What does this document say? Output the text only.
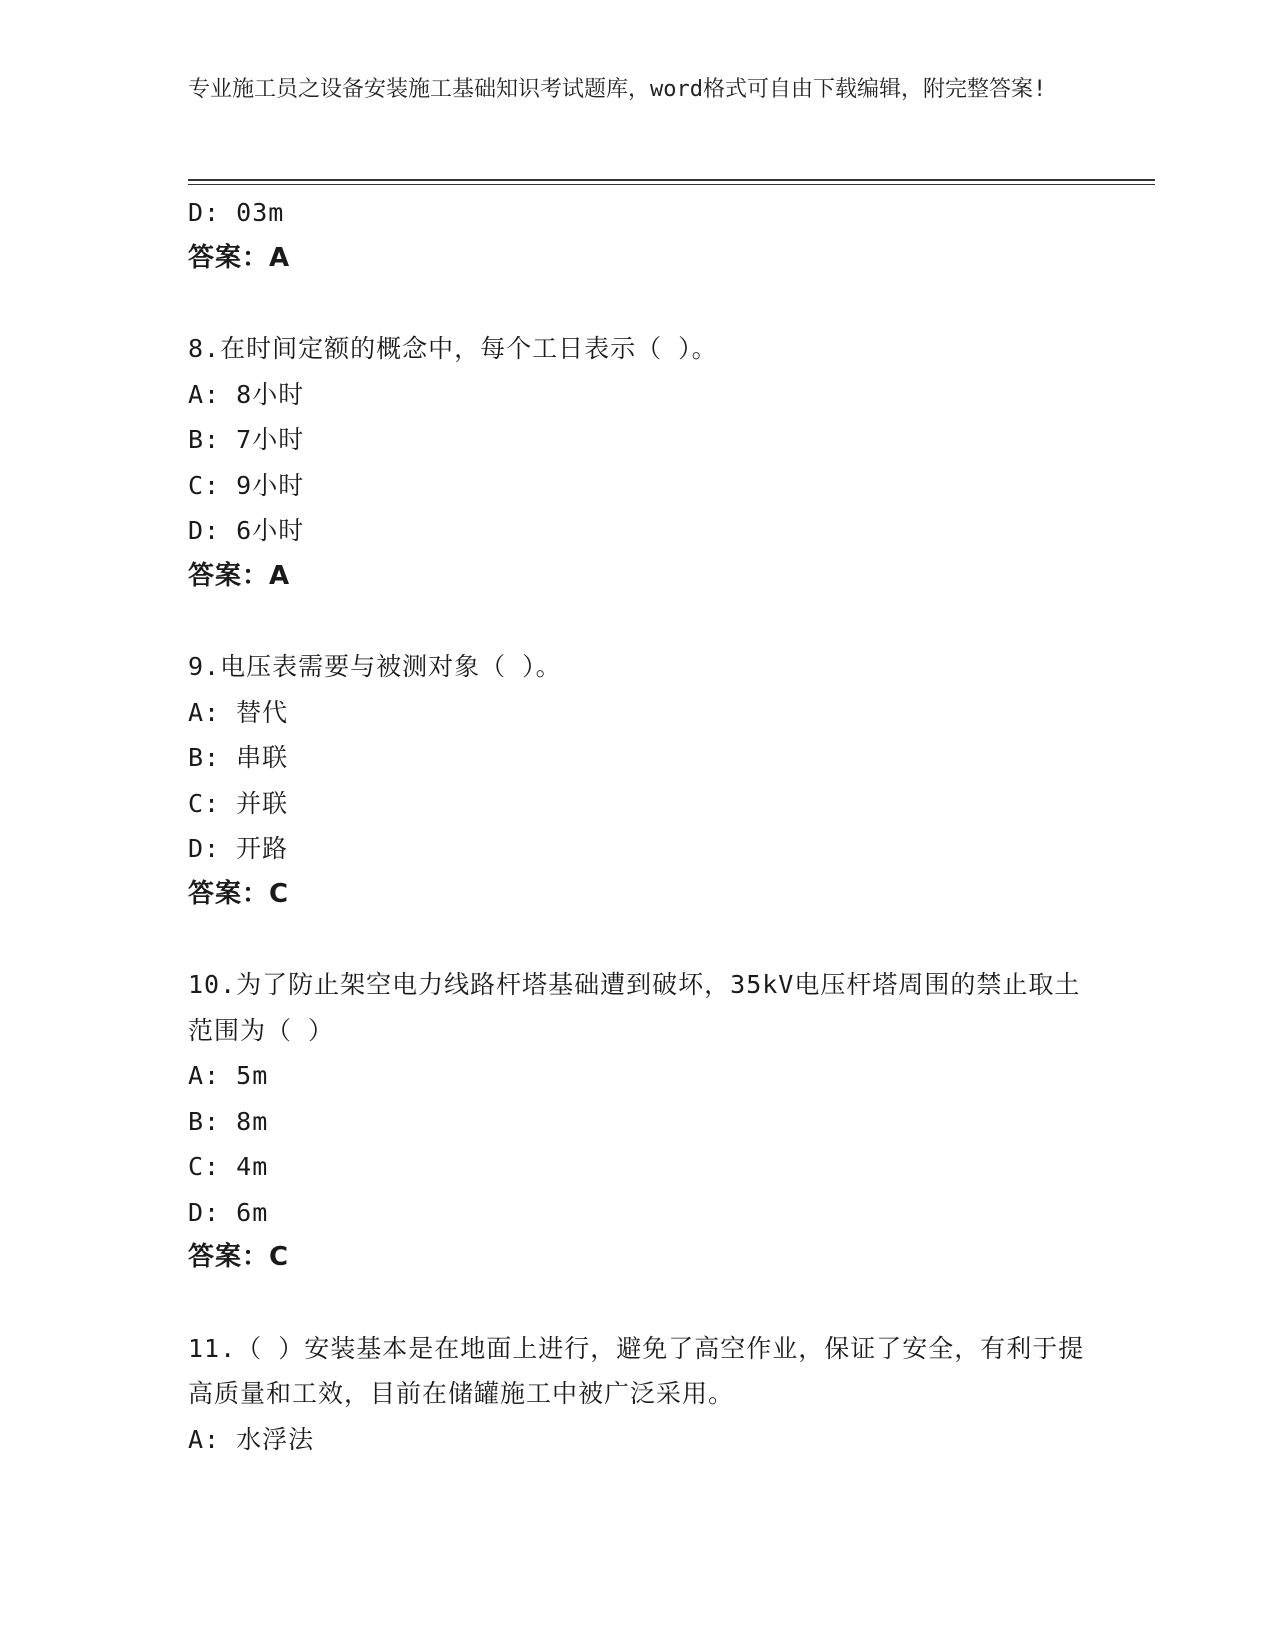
专业施工员之设备安装施工基础知识考试题库，word格式可自由下载编辑，附完整答案!
D: 03m
答案：A
8.在时间定额的概念中，每个工日表示（ ）。
A: 8小时
B: 7小时
C: 9小时
D: 6小时
答案：A
9.电压表需要与被测对象（ ）。
A: 替代
B: 串联
C: 并联
D: 开路
答案：C
10.为了防止架空电力线路杆塔基础遭到破坏，35kV电压杆塔周围的禁止取土范围为（ ）
A: 5m
B: 8m
C: 4m
D: 6m
答案：C
11.（ ）安装基本是在地面上进行，避免了高空作业，保证了安全，有利于提高质量和工效，目前在储罐施工中被广泛采用。
A: 水浮法
